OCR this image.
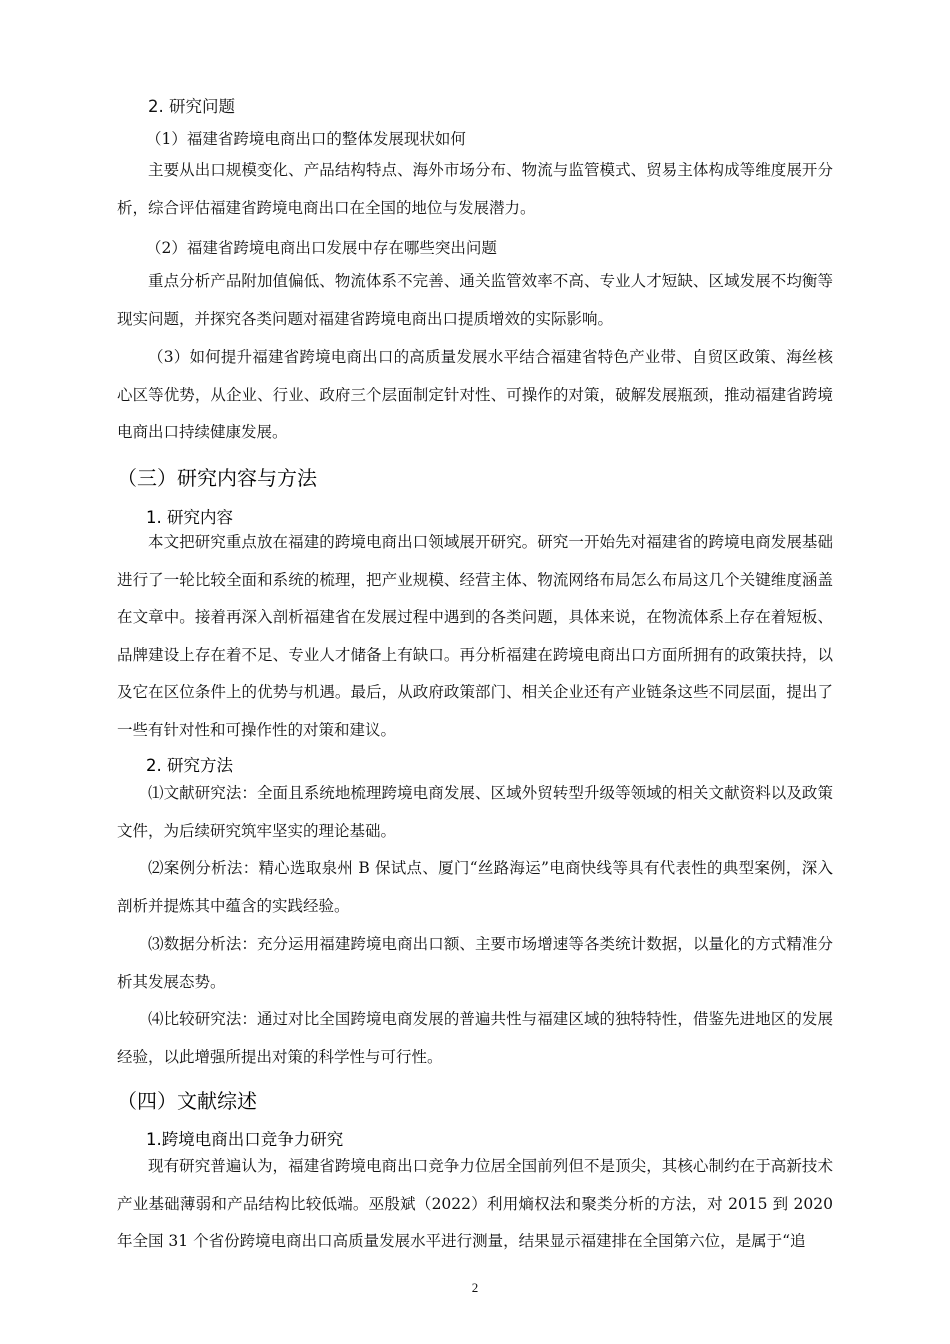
2. 研究问题

（1）福建省跨境电商出口的整体发展现状如何

主要从出口规模变化、产品结构特点、海外市场分布、物流与监管模式、贸易主体构成等维度展开分析，综合评估福建省跨境电商出口在全国的地位与发展潜力。

（2）福建省跨境电商出口发展中存在哪些突出问题

重点分析产品附加值偏低、物流体系不完善、通关监管效率不高、专业人才短缺、区域发展不均衡等现实问题，并探究各类问题对福建省跨境电商出口提质增效的实际影响。

（3）如何提升福建省跨境电商出口的高质量发展水平结合福建省特色产业带、自贸区政策、海丝核心区等优势，从企业、行业、政府三个层面制定针对性、可操作的对策，破解发展瓶颈，推动福建省跨境电商出口持续健康发展。

（三）研究内容与方法

1. 研究内容

本文把研究重点放在福建的跨境电商出口领域展开研究。研究一开始先对福建省的跨境电商发展基础进行了一轮比较全面和系统的梳理，把产业规模、经营主体、物流网络布局怎么布局这几个关键维度涵盖在文章中。接着再深入剖析福建省在发展过程中遇到的各类问题，具体来说，在物流体系上存在着短板、品牌建设上存在着不足、专业人才储备上有缺口。再分析福建在跨境电商出口方面所拥有的政策扶持，以及它在区位条件上的优势与机遇。最后，从政府政策部门、相关企业还有产业链条这些不同层面，提出了一些有针对性和可操作性的对策和建议。

2. 研究方法

⑴文献研究法：全面且系统地梳理跨境电商发展、区域外贸转型升级等领域的相关文献资料以及政策文件，为后续研究筑牢坚实的理论基础。

⑵案例分析法：精心选取泉州 B 保试点、厦门“丝路海运”电商快线等具有代表性的典型案例，深入剖析并提炼其中蕴含的实践经验。

⑶数据分析法：充分运用福建跨境电商出口额、主要市场增速等各类统计数据，以量化的方式精准分析其发展态势。

⑷比较研究法：通过对比全国跨境电商发展的普遍共性与福建区域的独特特性，借鉴先进地区的发展经验，以此增强所提出对策的科学性与可行性。

（四）文献综述

1.跨境电商出口竞争力研究

现有研究普遍认为，福建省跨境电商出口竞争力位居全国前列但不是顶尖，其核心制约在于高新技术产业基础薄弱和产品结构比较低端。巫殷斌（2022）利用熵权法和聚类分析的方法，对 2015 到 2020 年全国 31 个省份跨境电商出口高质量发展水平进行测量，结果显示福建排在全国第六位，是属于“追

2
